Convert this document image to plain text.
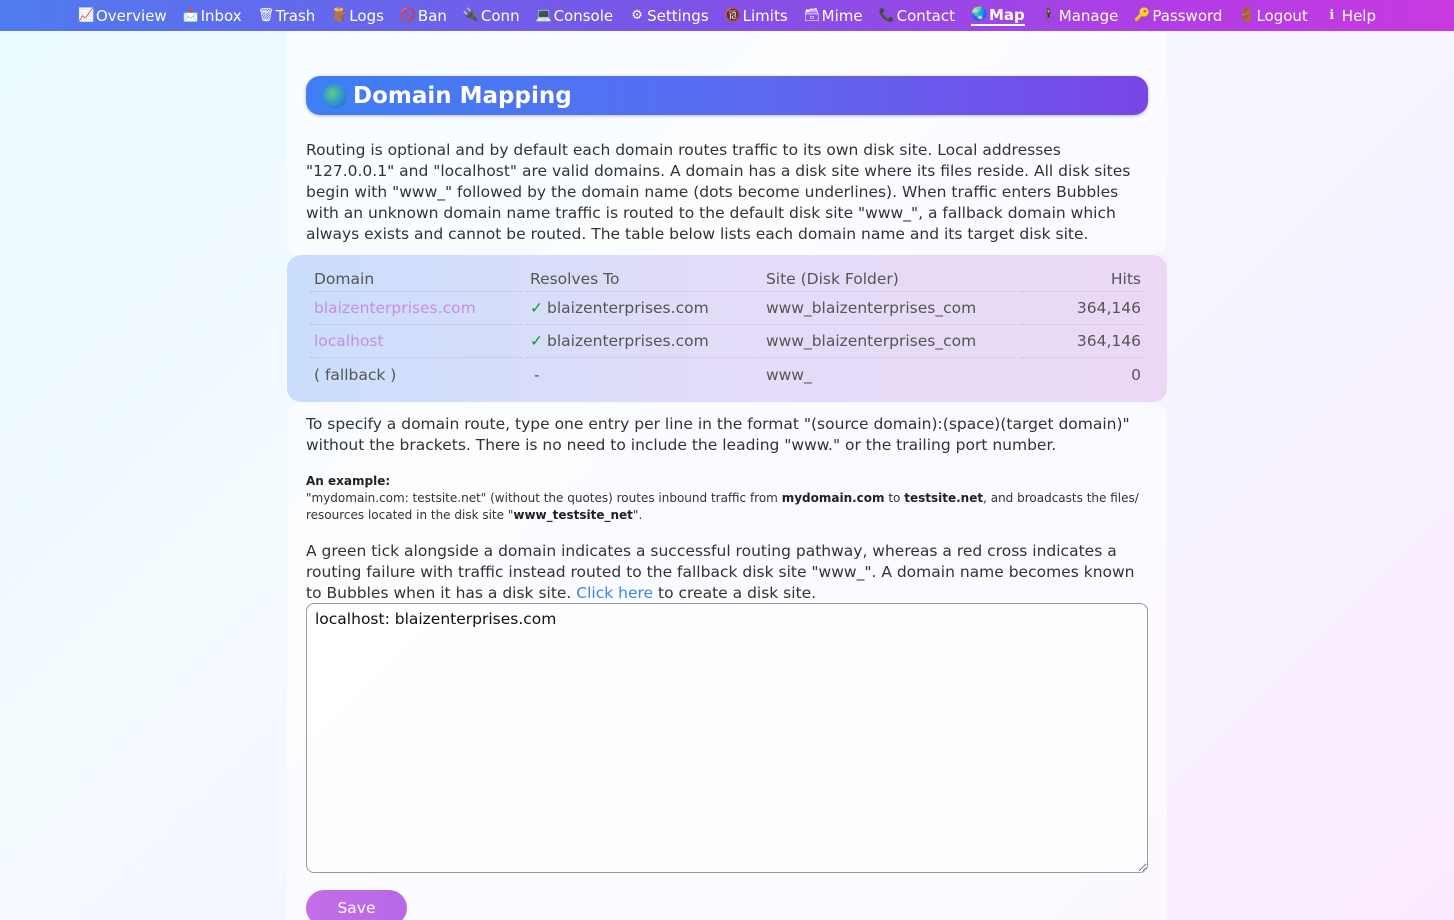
📈 Overview 📩 Inbox 🗑 Trash 🪵 Logs 🚫 Ban 🔌 Conn 💻 Console ⚙ Settings 🔞 Limits 🗃 Mime 📞 Contact 🌏 Map 🕴 Manage 🔑 Password 🚪 Logout	ℹ Help
Domain Mapping

Routing is optional and by default each domain routes traffic to its own disk site. Local addresses "127.0.0.1" and "localhost" are valid domains. A domain has a disk site where its files reside. All disk sites begin with "www_" followed by the domain name (dots become underlines). When traffic enters Bubbles with an unknown domain name traffic is routed to the default disk site "www_", a fallback domain which always exists and cannot be routed. The table below lists each domain name and its target disk site.

Domain	Resolves To	Site (Disk Folder)	Hits
blaizenterprises.com	✓ blaizenterprises.com	www_blaizenterprises_com	364,146
localhost	✓ blaizenterprises.com	www_blaizenterprises_com	364,146
( fallback )	-	www_	0

To specify a domain route, type one entry per line in the format "(source domain):(space)(target domain)" without the brackets. There is no need to include the leading "www." or the trailing port number.

An example:
"mydomain.com: testsite.net" (without the quotes) routes inbound traffic from mydomain.com to testsite.net, and broadcasts the files/ resources located in the disk site "www_testsite_net".

A green tick alongside a domain indicates a successful routing pathway, whereas a red cross indicates a routing failure with traffic instead routed to the fallback disk site "www_". A domain name becomes known to Bubbles when it has a disk site. Click here to create a disk site.

localhost: blaizenterprises.com
Save
